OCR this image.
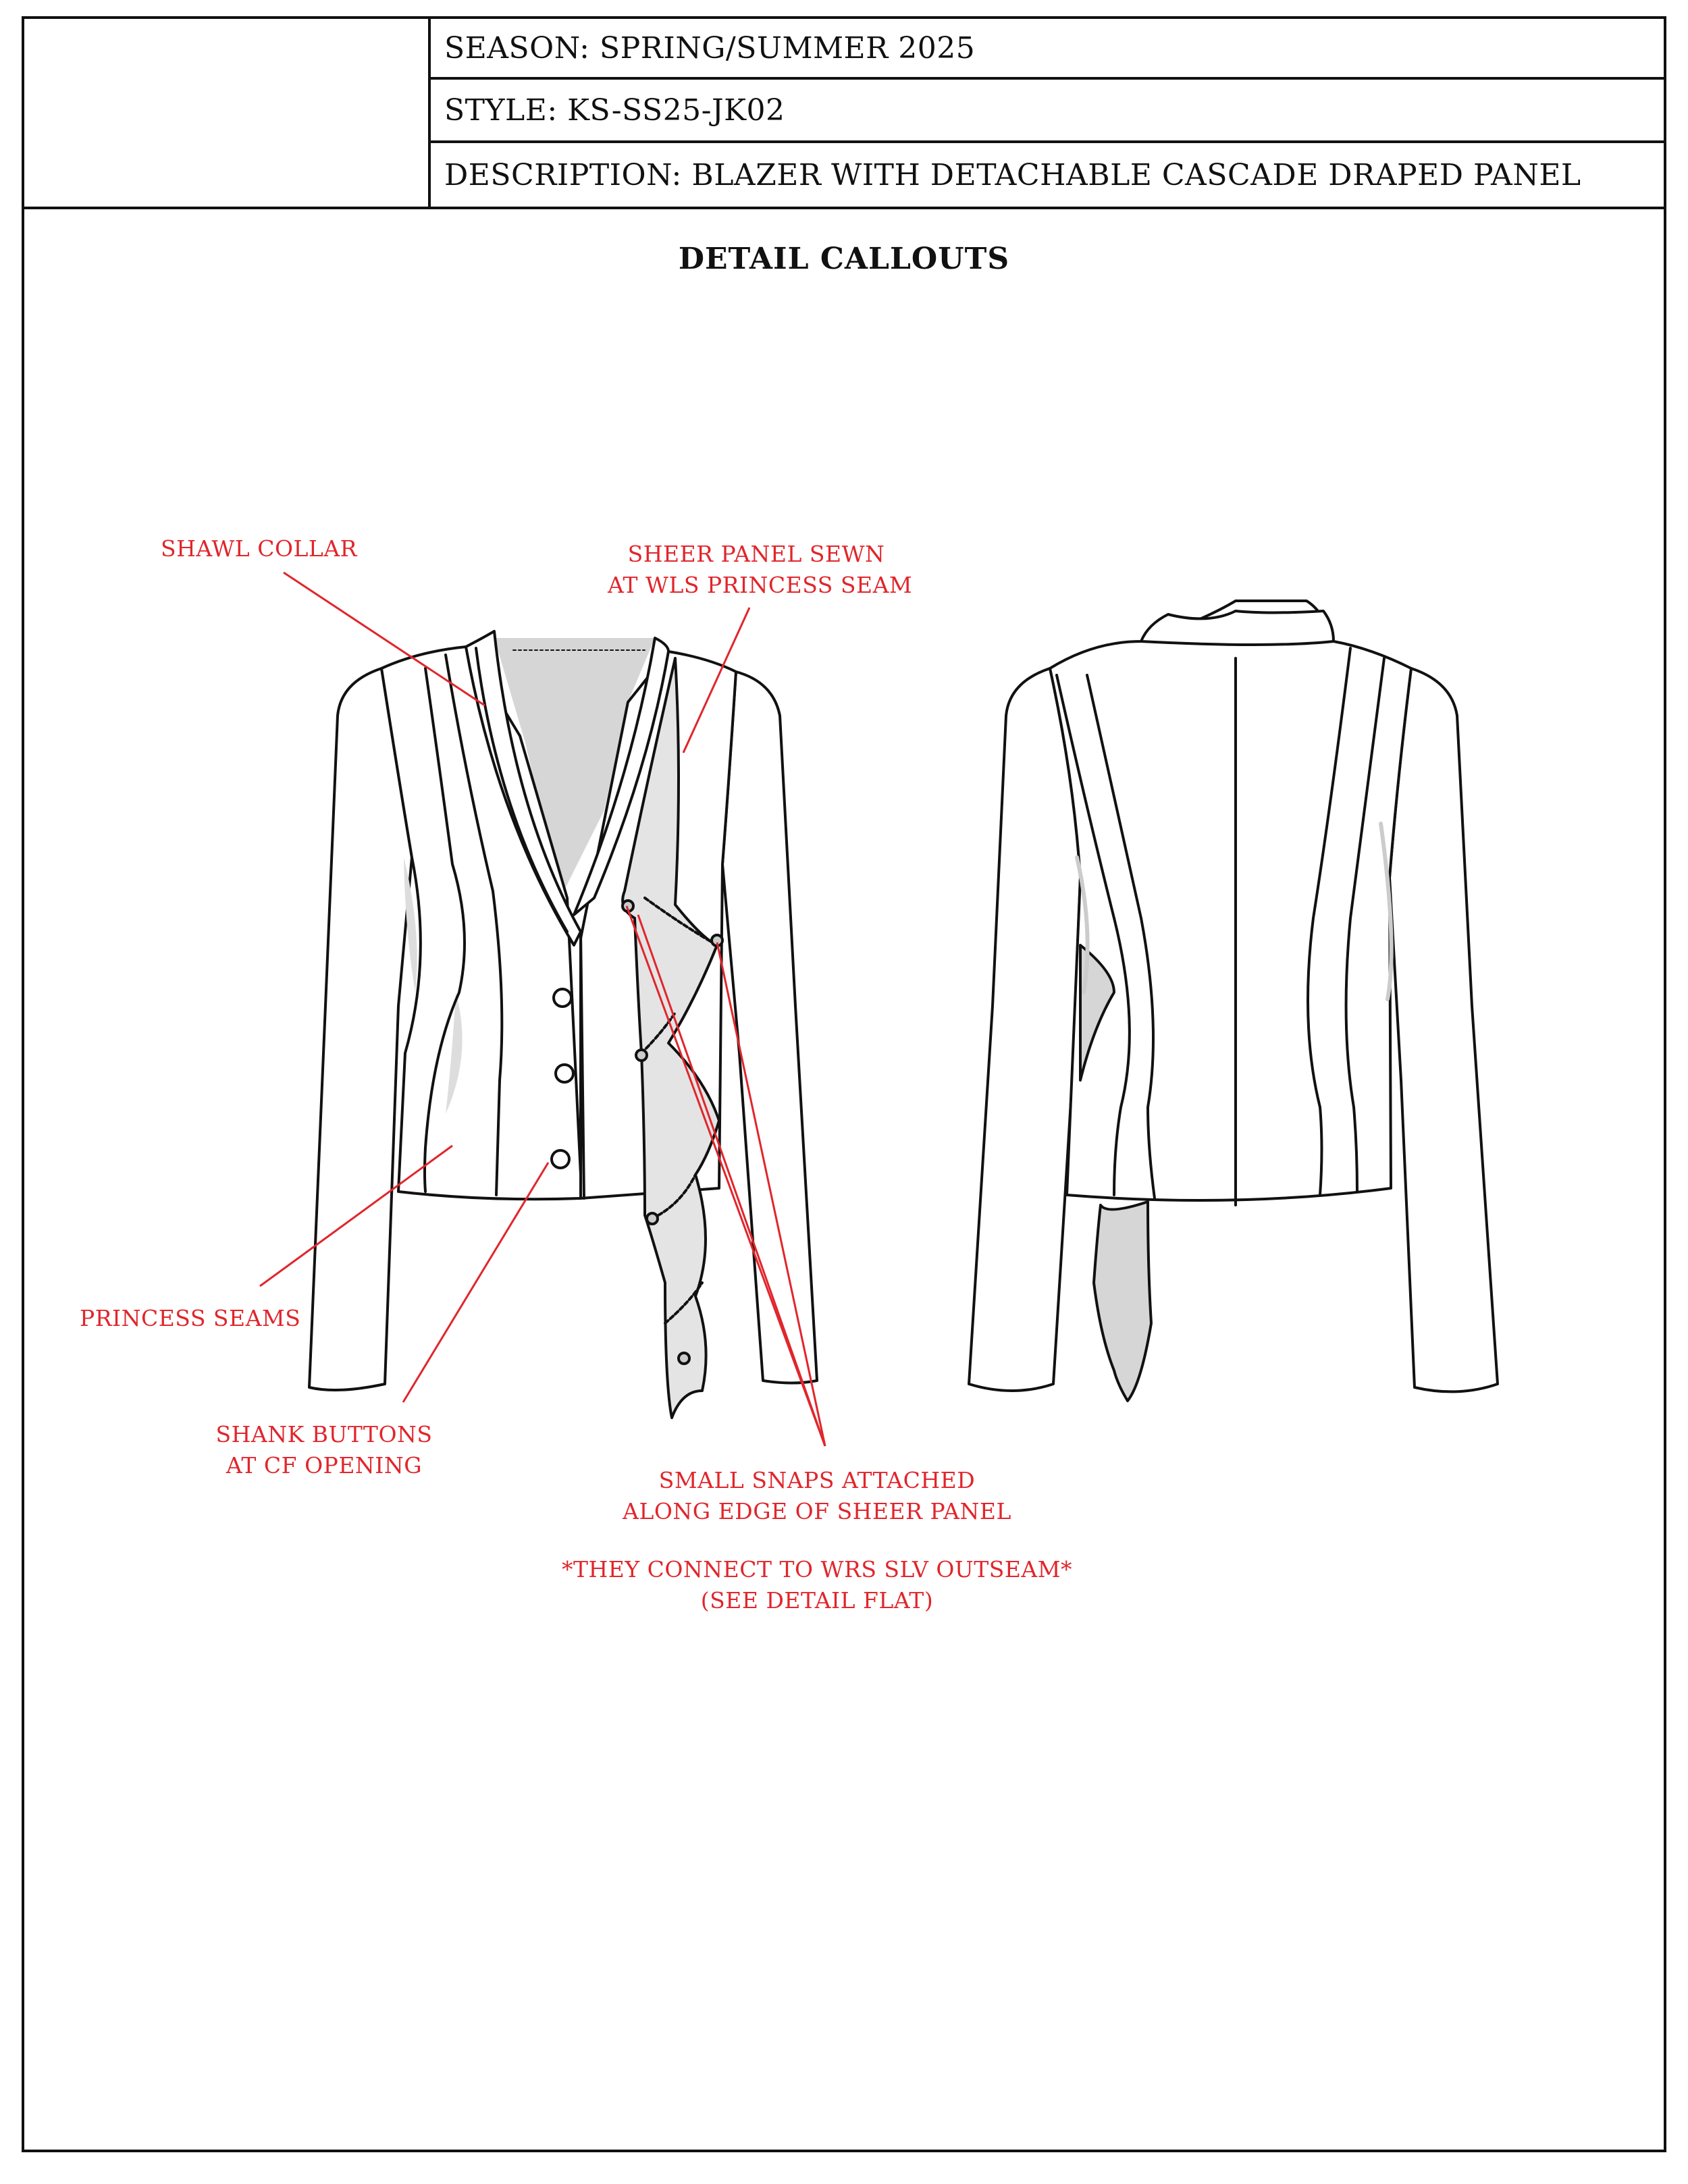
SEASON: SPRING/SUMMER 2025
STYLE: KS-SS25-JK02
DESCRIPTION: BLAZER WITH DETACHABLE CASCADE DRAPED PANEL
DETAIL CALLOUTS
SHAWL COLLAR	SHEER PANEL SEWN
AT WLS PRINCESS SEAM
PRINCESS SEAMS
SHANK BUTTONS
AT CF OPENING
SMALL SNAPS ATTACHED
ALONG EDGE OF SHEER PANEL
*THEY CONNECT TO WRS SLV OUTSEAM*
(SEE DETAIL FLAT)
